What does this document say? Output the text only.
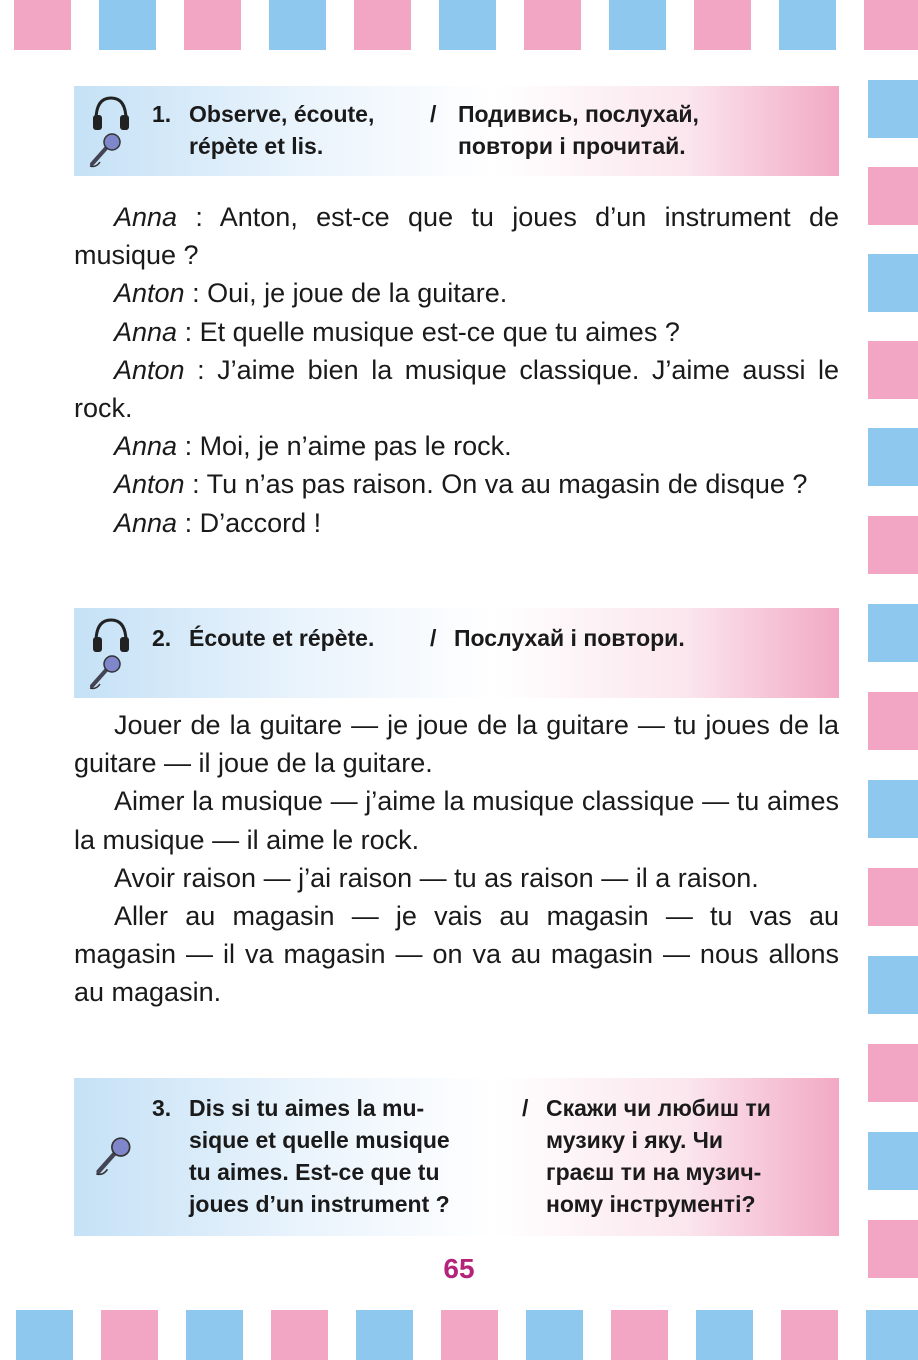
1. Observe, écoute,
répète et lis.
/ Подивись, послухай,
повтори і прочитай.

Anna : Anton, est-ce que tu joues d’un instrument de musique ?

Anton : Oui, je joue de la guitare.

Anna : Et quelle musique est-ce que tu aimes ?

Anton : J’aime bien la musique classique. J’aime aussi le rock.

Anna : Moi, je n’aime pas le rock.

Anton : Tu n’as pas raison. On va au magasin de disque ?

Anna : D’accord !

2. Écoute et répète. / Послухай і повтори.

Jouer de la guitare — je joue de la guitare — tu joues de la guitare — il joue de la guitare.

Aimer la musique — j’aime la musique classique — tu aimes la musique — il aime le rock.

Avoir raison — j’ai raison — tu as raison — il a raison.

Aller au magasin — je vais au magasin — tu vas au magasin — il va magasin — on va au magasin — nous allons au magasin.

3. Dis si tu aimes la mu-
sique et quelle musique
tu aimes. Est-ce que tu
joues d’un instrument ?
/ Скажи чи любиш ти
музику і яку. Чи
граєш ти на музич-
ному інструменті?
65
